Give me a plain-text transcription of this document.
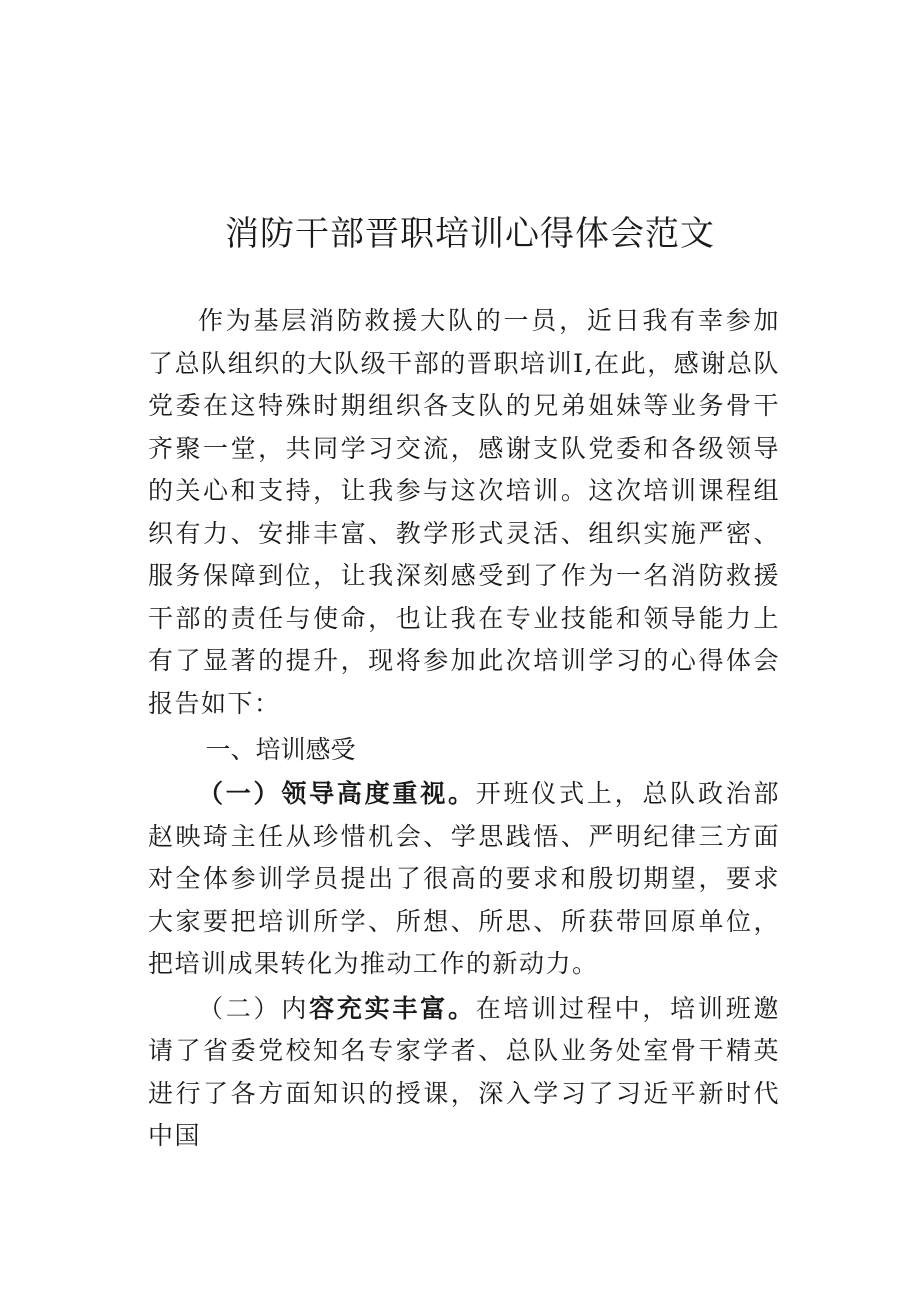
消防干部晋职培训心得体会范文

作为基层消防救援大队的一员，近日我有幸参加了总队组织的大队级干部的晋职培训I,在此，感谢总队党委在这特殊时期组织各支队的兄弟姐妹等业务骨干齐聚一堂，共同学习交流，感谢支队党委和各级领导的关心和支持，让我参与这次培训。这次培训课程组织有力、安排丰富、教学形式灵活、组织实施严密、服务保障到位，让我深刻感受到了作为一名消防救援干部的责任与使命，也让我在专业技能和领导能力上有了显著的提升，现将参加此次培训学习的心得体会报告如下：

一、培训感受

（一）领导高度重视。开班仪式上，总队政治部赵映琦主任从珍惜机会、学思践悟、严明纪律三方面对全体参训学员提出了很高的要求和殷切期望，要求大家要把培训所学、所想、所思、所获带回原单位，把培训成果转化为推动工作的新动力。

（二）内容充实丰富。在培训过程中，培训班邀请了省委党校知名专家学者、总队业务处室骨干精英进行了各方面知识的授课，深入学习了习近平新时代中国
